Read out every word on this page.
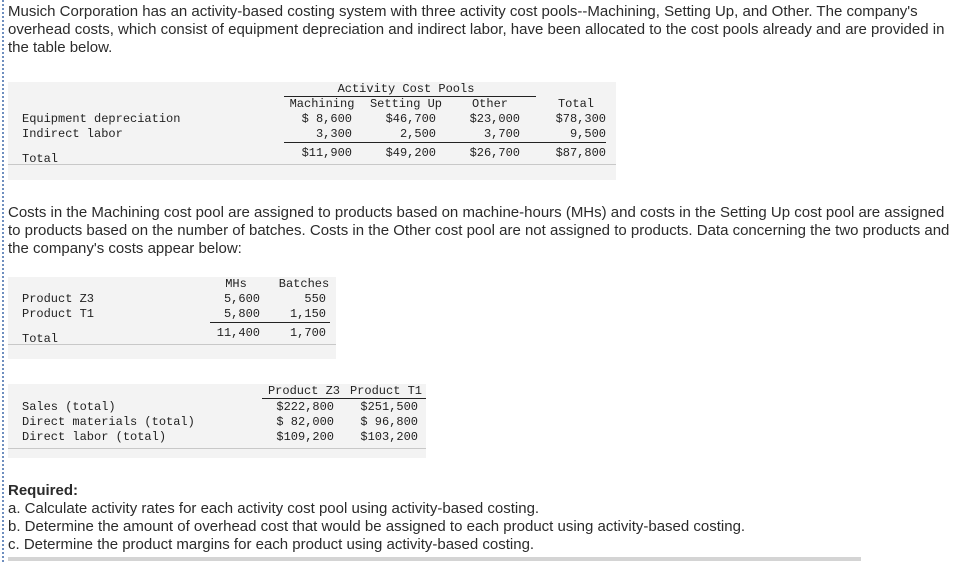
Musich Corporation has an activity-based costing system with three activity cost pools--Machining, Setting Up, and Other. The company's overhead costs, which consist of equipment depreciation and indirect labor, have been allocated to the cost pools already and are provided in the table below.

Activity Cost Pools
Machining	Setting Up	Other	Total
Equipment depreciation	$ 8,600	$46,700	$23,000	$78,300
Indirect labor	3,300	2,500	3,700	9,500
Total	$11,900	$49,200	$26,700	$87,800

Costs in the Machining cost pool are assigned to products based on machine-hours (MHs) and costs in the Setting Up cost pool are assigned to products based on the number of batches. Costs in the Other cost pool are not assigned to products. Data concerning the two products and the company's costs appear below:

MHs	Batches
Product Z3	5,600	550
Product T1	5,800	1,150
Total	11,400	1,700
Product Z3 Product T1
Sales (total)	$222,800	$251,500
Direct materials (total)	$ 82,000	$ 96,800
Direct labor (total)	$109,200	$103,200
Required:
a. Calculate activity rates for each activity cost pool using activity-based costing.
b. Determine the amount of overhead cost that would be assigned to each product using activity-based costing.
c. Determine the product margins for each product using activity-based costing.
